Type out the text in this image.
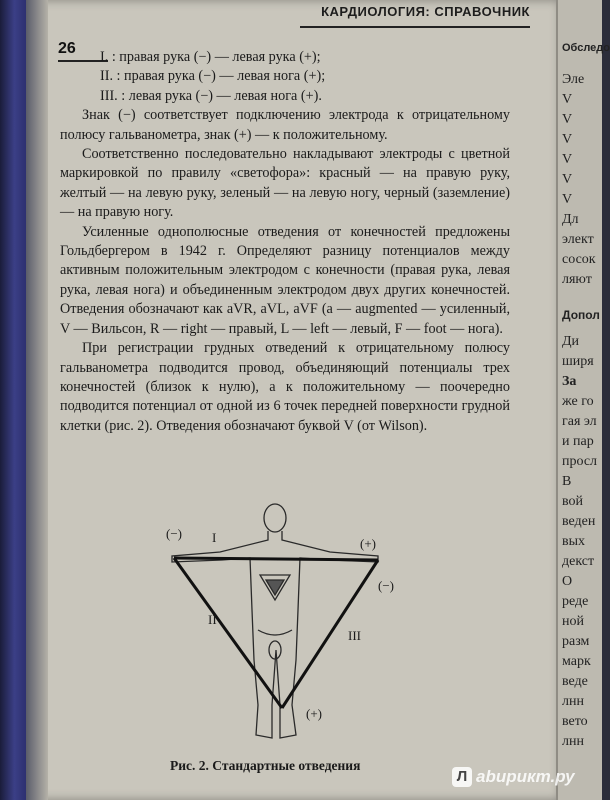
КАРДИОЛОГИЯ: СПРАВОЧНИК
26	I. : правая рука (−) — левая рука (+);
II. : правая рука (−) — левая нога (+);
III. : левая рука (−) — левая нога (+).

Знак (−) соответствует подключению электрода к отрицательному полюсу гальванометра, знак (+) — к положительному.

Соответственно последовательно накладывают электроды с цветной маркировкой по правилу «светофора»: красный — на правую руку, желтый — на левую руку, зеленый — на левую ногу, черный (заземление) — на правую ногу.

Усиленные однополюсные отведения от конечностей предложены Гольдбергером в 1942 г. Определяют разницу потенциалов между активным положительным электродом с конечности (правая рука, левая рука, левая нога) и объединенным электродом двух других конечностей. Отведения обозначают как aVR, aVL, aVF (a — augmented — усиленный, V — Вильсон, R — right — правый, L — left — левый, F — foot — нога).

При регистрации грудных отведений к отрицательному полюсу гальванометра подводится провод, объединяющий потенциалы трех конечностей (близок к нулю), а к положительному — поочередно подводится потенциал от одной из 6 точек передней поверхности грудной клетки (рис. 2). Отведения обозначают буквой V (от Wilson).

(−) I	(+)
(−)
II
III
(+)
Рис. 2. Стандартные отведения
Обследо
Эле
V
V
V
V
V
V
Дл
элект
сосок
ляют
Допол
Ди
ширя
За
же го
гая эл
и пар
просл
В
вой
веден
вых
декст
О
реде
ной
разм
марк
веде
лнн
вето
лнн
Л abирикт.ру
